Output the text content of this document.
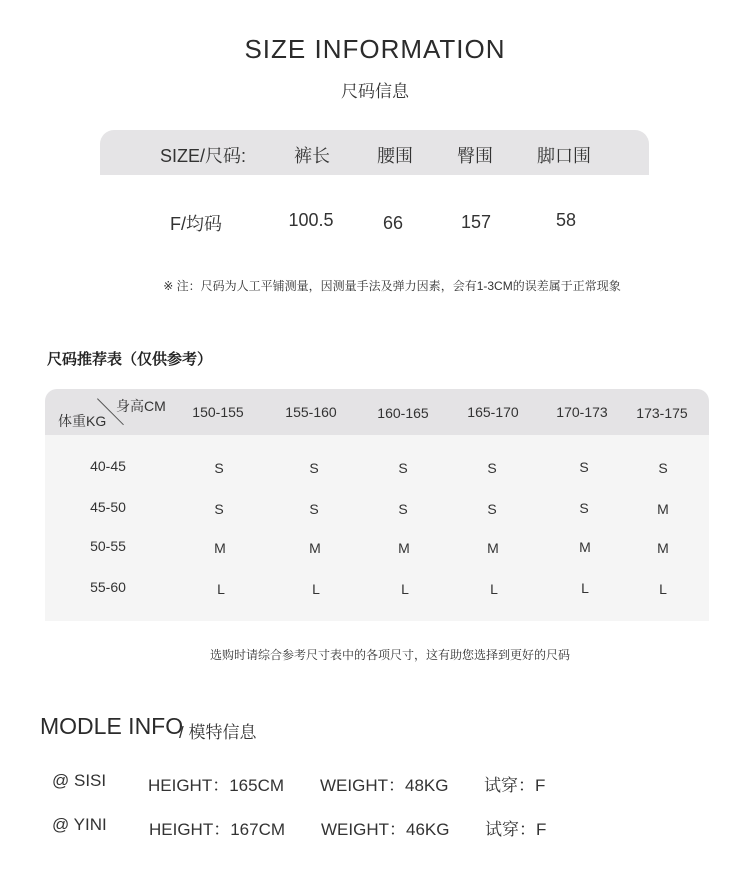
SIZE INFORMATION
尺码信息
SIZE/尺码:	裤长	腰围 臀围 脚口围
F/均码	100.5	66	157	58
※ 注：尺码为人工平铺测量，因测量手法及弹力因素，会有1-3CM的误差属于正常现象
尺码推荐表（仅供参考）
身高CM
体重KG
150-155	155-160	160-165	165-170	170-173 173-175
40-45	S	S	S	S	S	S
45-50	S	S	S	S	S	M
50-55	M	M	M	M	M	M
55-60	L	L	L	L	L	L
选购时请综合参考尺寸表中的各项尺寸，这有助您选择到更好的尺码
MODLE INFO
/ 模特信息
@ SISI HEIGHT：165CM WEIGHT：48KG 试穿：F
@ YINI HEIGHT：167CM WEIGHT：46KG 试穿：F
